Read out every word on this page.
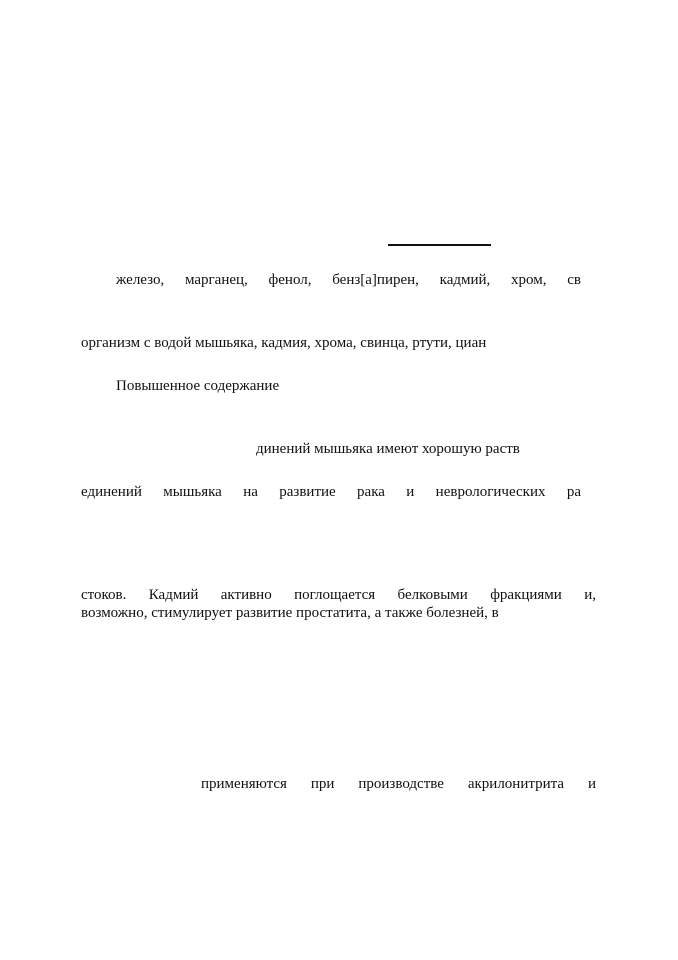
железо, марганец, фенол, бенз[а]пирен, кадмий, хром, св
организм с водой мышьяка, кадмия, хрома, свинца, ртути, циан
Повышенное содержание
динений мышьяка имеют хорошую раств
единений мышьяка на развитие рака и неврологических ра
стоков. Кадмий активно поглощается белковыми фракциями и,
возможно, стимулирует развитие простатита, а также болезней, в
применяются при производстве акрилонитрита и
